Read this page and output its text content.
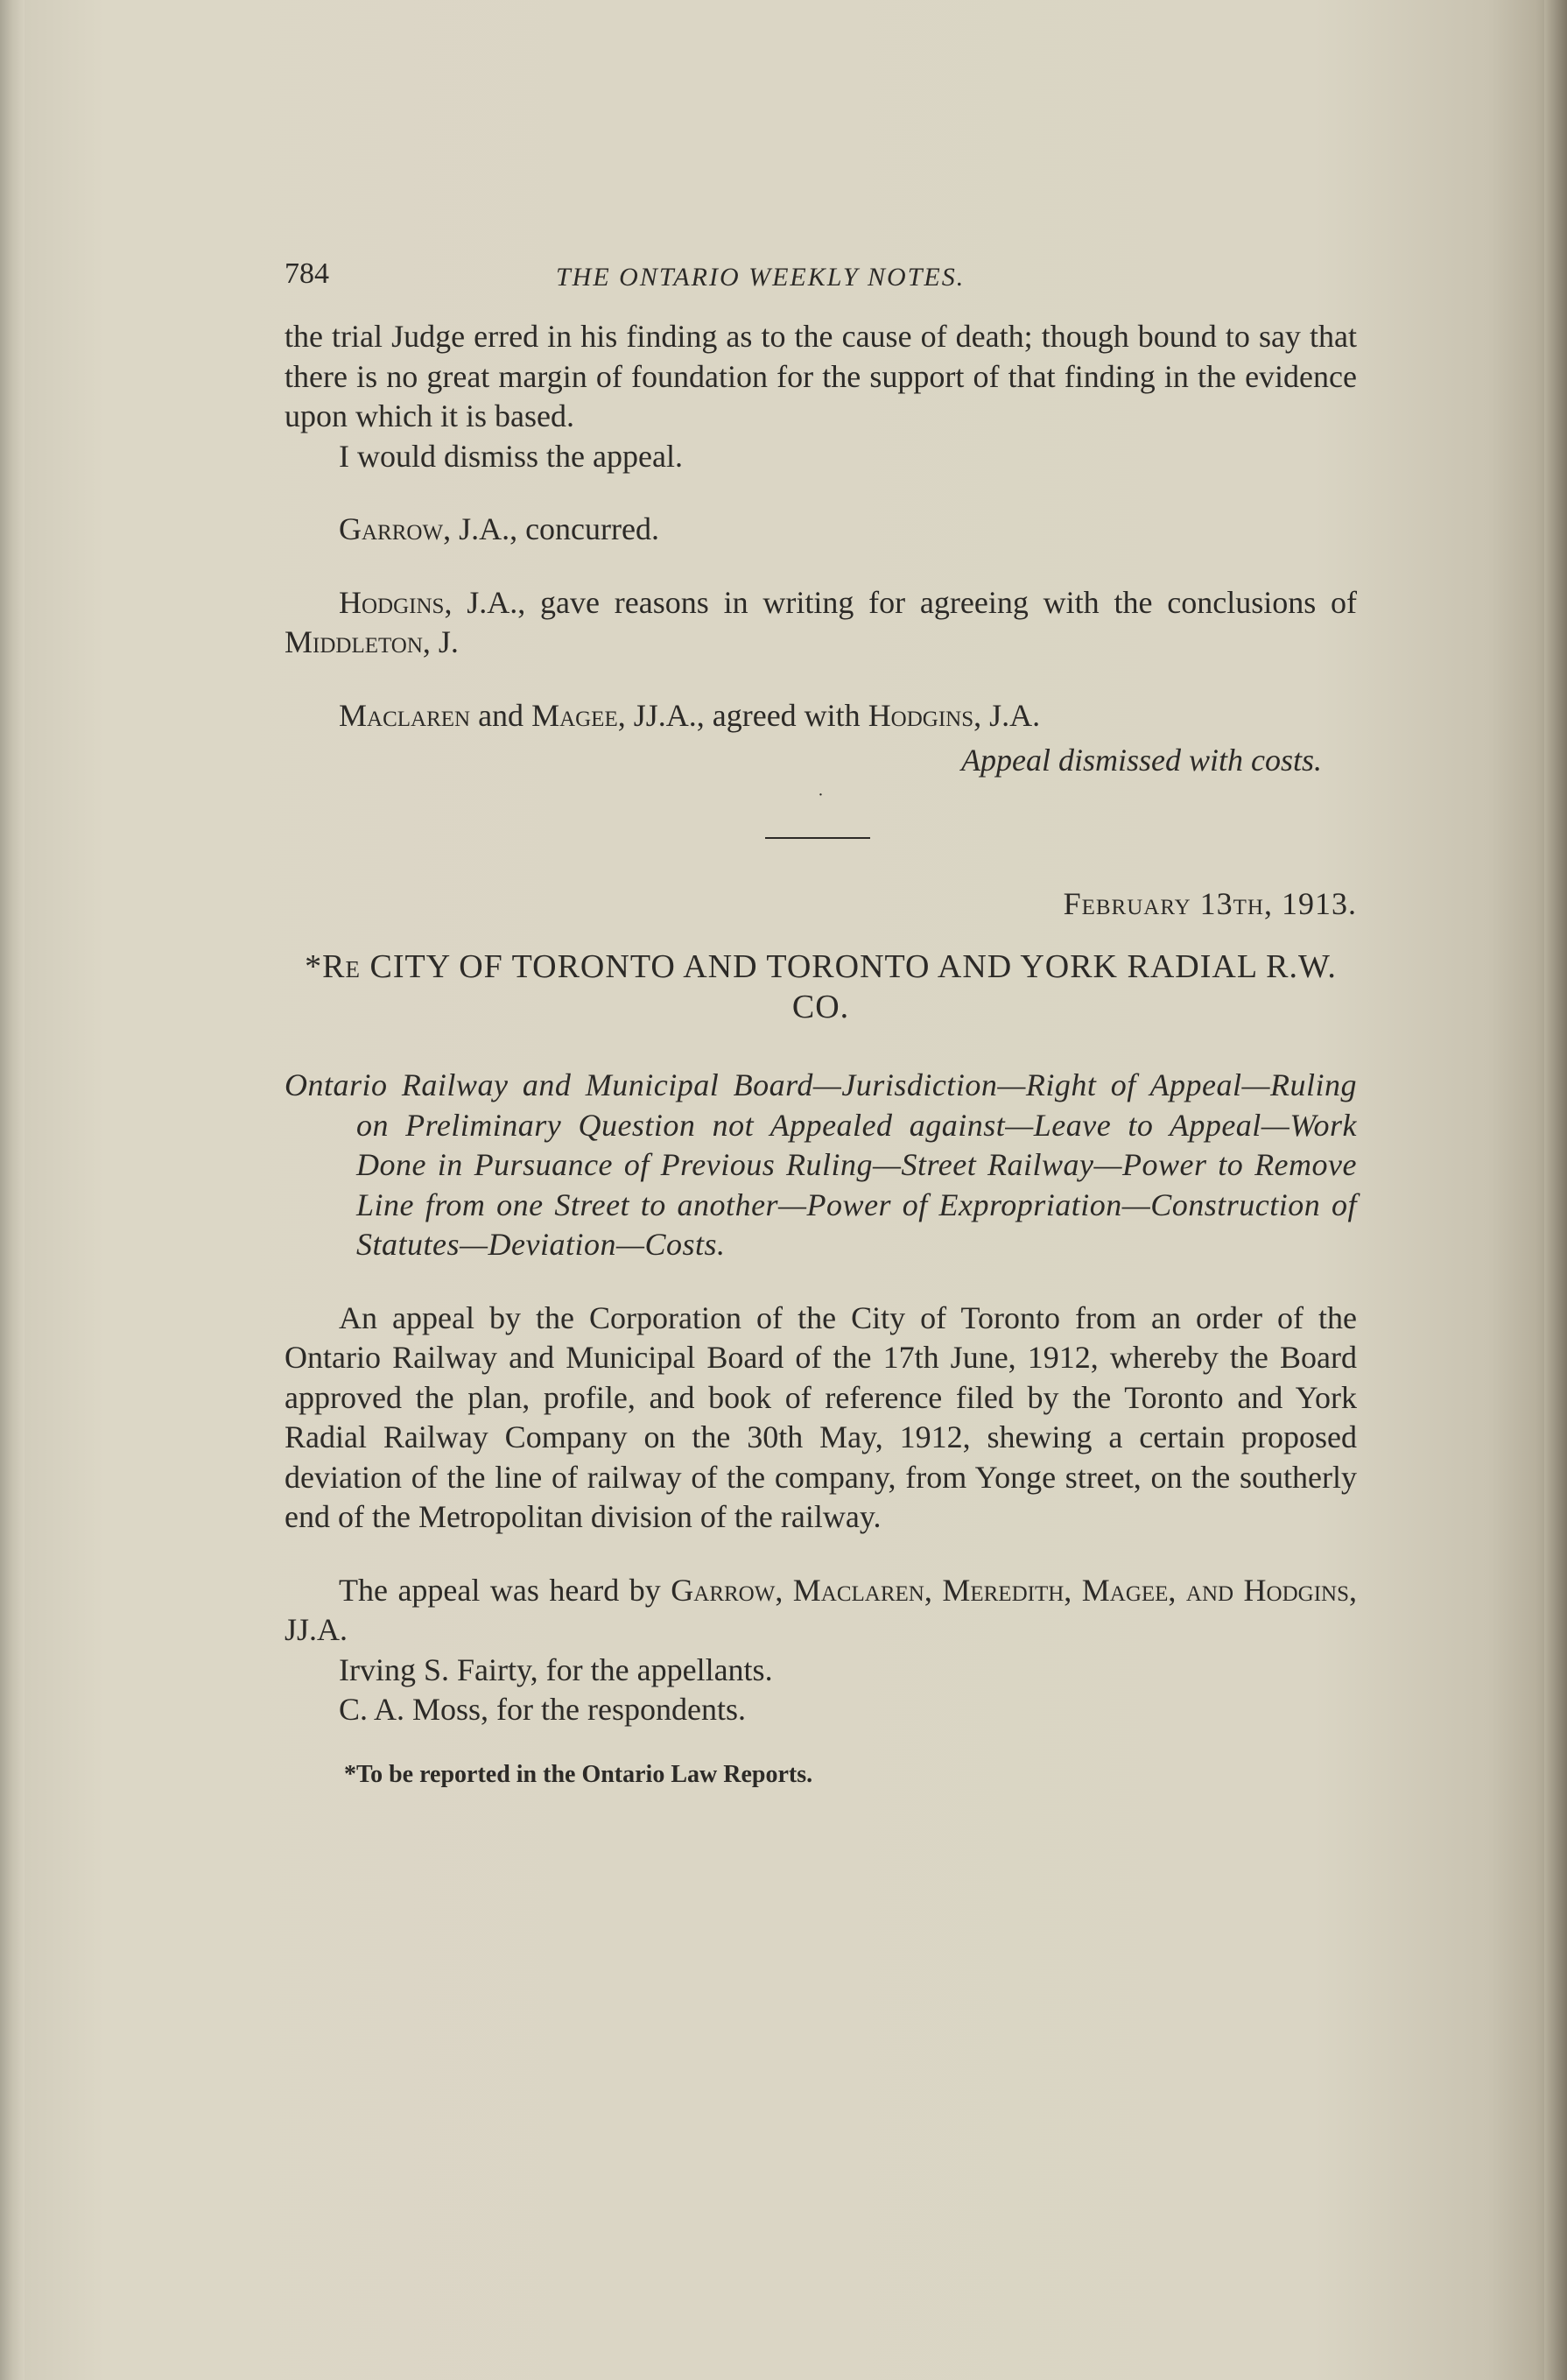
784	THE ONTARIO WEEKLY NOTES.

the trial Judge erred in his finding as to the cause of death; though bound to say that there is no great margin of foundation for the support of that finding in the evidence upon which it is based.

I would dismiss the appeal.

Garrow, J.A., concurred.

Hodgins, J.A., gave reasons in writing for agreeing with the conclusions of Middleton, J.

Maclaren and Magee, JJ.A., agreed with Hodgins, J.A.

Appeal dismissed with costs.

·

February 13th, 1913.

*Re CITY OF TORONTO AND TORONTO AND YORK RADIAL R.W. CO.

Ontario Railway and Municipal Board—Jurisdiction—Right of Appeal—Ruling on Preliminary Question not Appealed against—Leave to Appeal—Work Done in Pursuance of Previous Ruling—Street Railway—Power to Remove Line from one Street to another—Power of Expropriation—Construction of Statutes—Deviation—Costs.

An appeal by the Corporation of the City of Toronto from an order of the Ontario Railway and Municipal Board of the 17th June, 1912, whereby the Board approved the plan, profile, and book of reference filed by the Toronto and York Radial Railway Company on the 30th May, 1912, shewing a certain proposed deviation of the line of railway of the company, from Yonge street, on the southerly end of the Metropolitan division of the railway.

The appeal was heard by Garrow, Maclaren, Meredith, Magee, and Hodgins, JJ.A.

Irving S. Fairty, for the appellants.

C. A. Moss, for the respondents.

*To be reported in the Ontario Law Reports.
